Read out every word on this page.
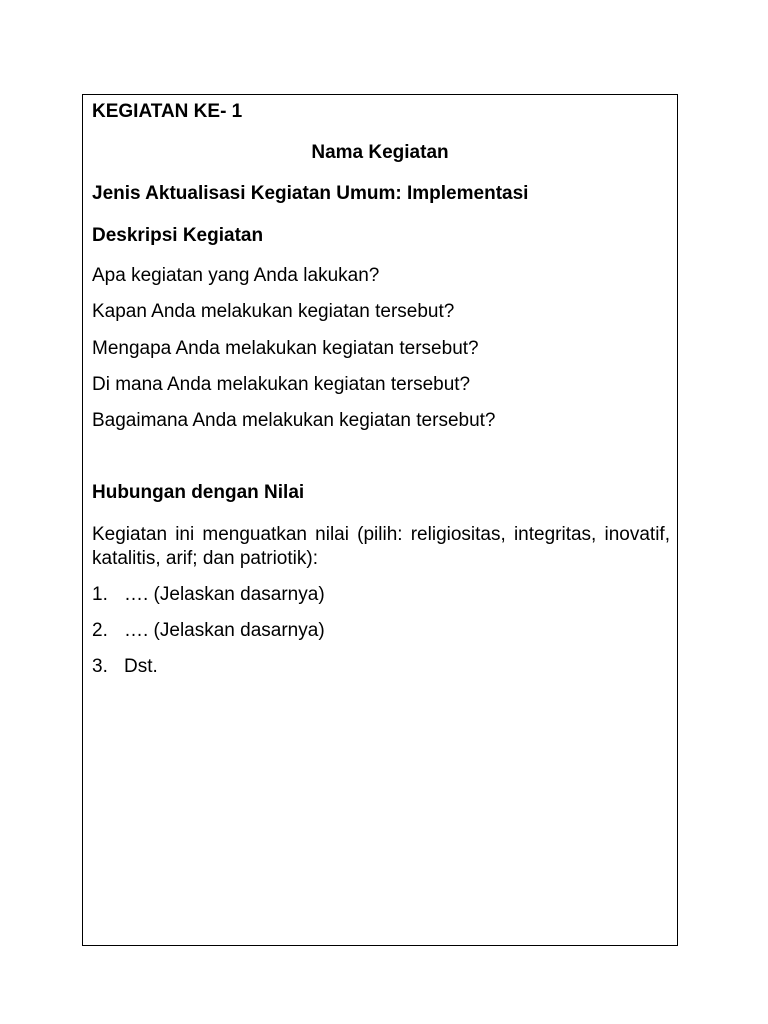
KEGIATAN KE- 1
Nama Kegiatan
Jenis Aktualisasi Kegiatan Umum: Implementasi
Deskripsi Kegiatan
Apa kegiatan yang Anda lakukan?
Kapan Anda melakukan kegiatan tersebut?
Mengapa Anda melakukan kegiatan tersebut?
Di mana Anda melakukan kegiatan tersebut?
Bagaimana Anda melakukan kegiatan tersebut?
Hubungan dengan Nilai
Kegiatan ini menguatkan nilai (pilih: religiositas, integritas, inovatif, katalitis, arif; dan patriotik):
1. …. (Jelaskan dasarnya)
2. …. (Jelaskan dasarnya)
3. Dst.
